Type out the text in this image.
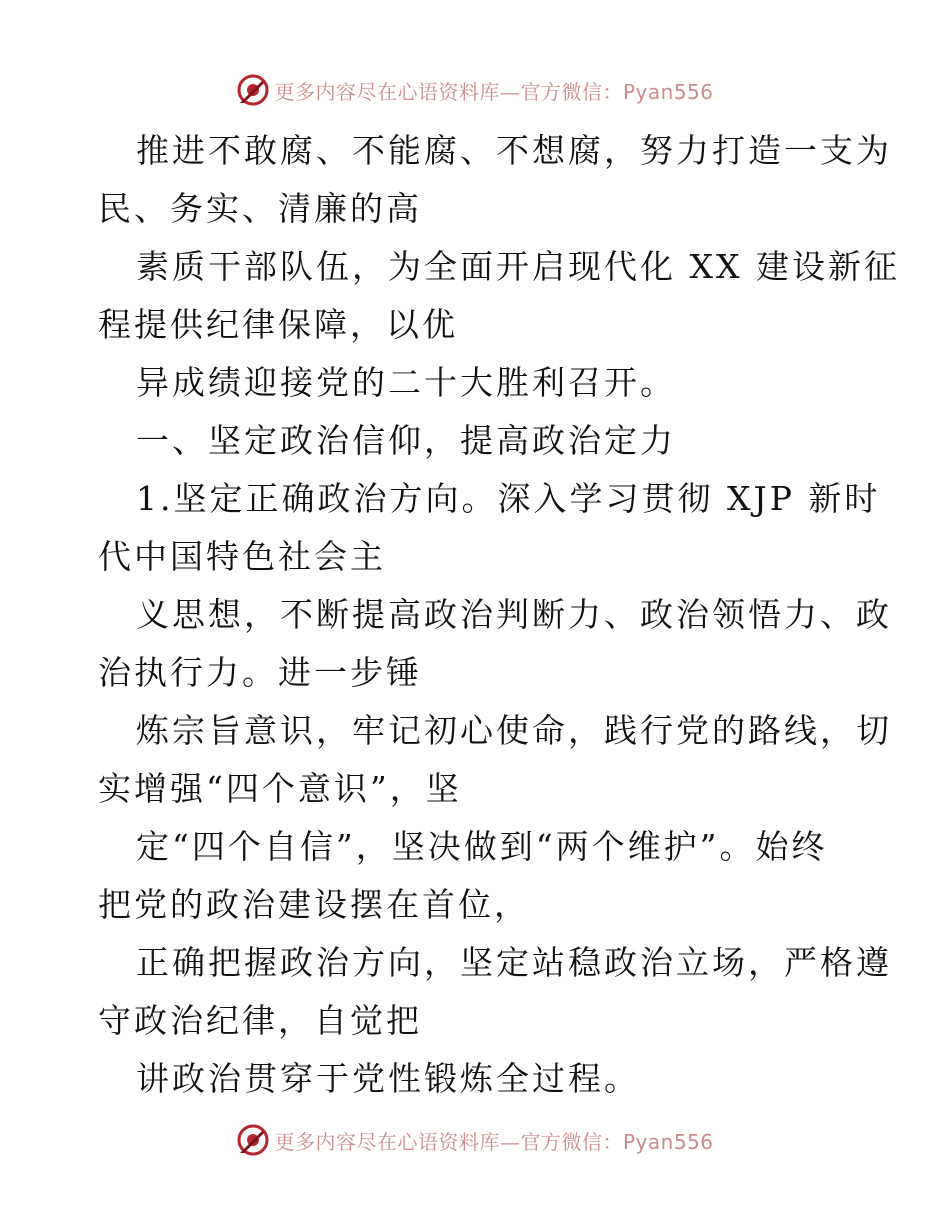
更多内容尽在心语资料库—官方微信：Pyan556
推进不敢腐、不能腐、不想腐，努力打造一支为
民、务实、清廉的高
素质干部队伍，为全面开启现代化 XX 建设新征
程提供纪律保障，以优
异成绩迎接党的二十大胜利召开。
一、坚定政治信仰，提高政治定力
1.坚定正确政治方向。深入学习贯彻 XJP 新时
代中国特色社会主
义思想，不断提高政治判断力、政治领悟力、政
治执行力。进一步锤
炼宗旨意识，牢记初心使命，践行党的路线，切
实增强“四个意识”，坚
定“四个自信”，坚决做到“两个维护”。始终
把党的政治建设摆在首位，
正确把握政治方向，坚定站稳政治立场，严格遵
守政治纪律，自觉把
讲政治贯穿于党性锻炼全过程。
更多内容尽在心语资料库—官方微信：Pyan556
